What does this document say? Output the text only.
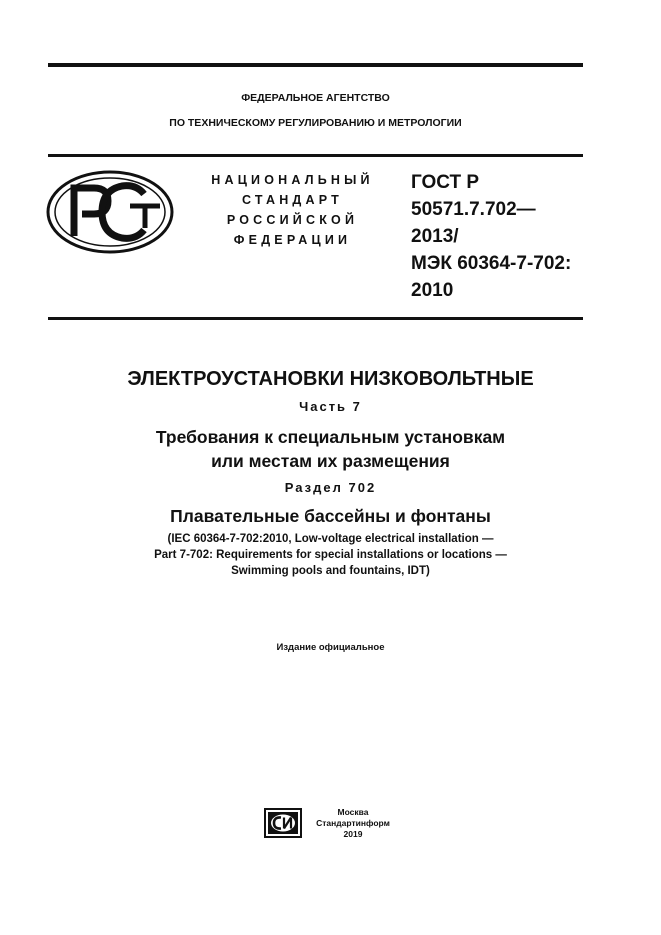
ФЕДЕРАЛЬНОЕ АГЕНТСТВО
ПО ТЕХНИЧЕСКОМУ РЕГУЛИРОВАНИЮ И МЕТРОЛОГИИ
НАЦИОНАЛЬНЫЙ
СТАНДАРТ
РОССИЙСКОЙ
ФЕДЕРАЦИИ
ГОСТ Р
50571.7.702—
2013/
МЭК 60364-7-702:
2010
ЭЛЕКТРОУСТАНОВКИ НИЗКОВОЛЬТНЫЕ
Часть 7
Требования к специальным установкам
или местам их размещения
Раздел 702
Плавательные бассейны и фонтаны
(IEC 60364-7-702:2010, Low-voltage electrical installation —
Part 7-702: Requirements for special installations or locations —
Swimming pools and fountains, IDT)
Издание официальное
Москва
Стандартинформ
2019
